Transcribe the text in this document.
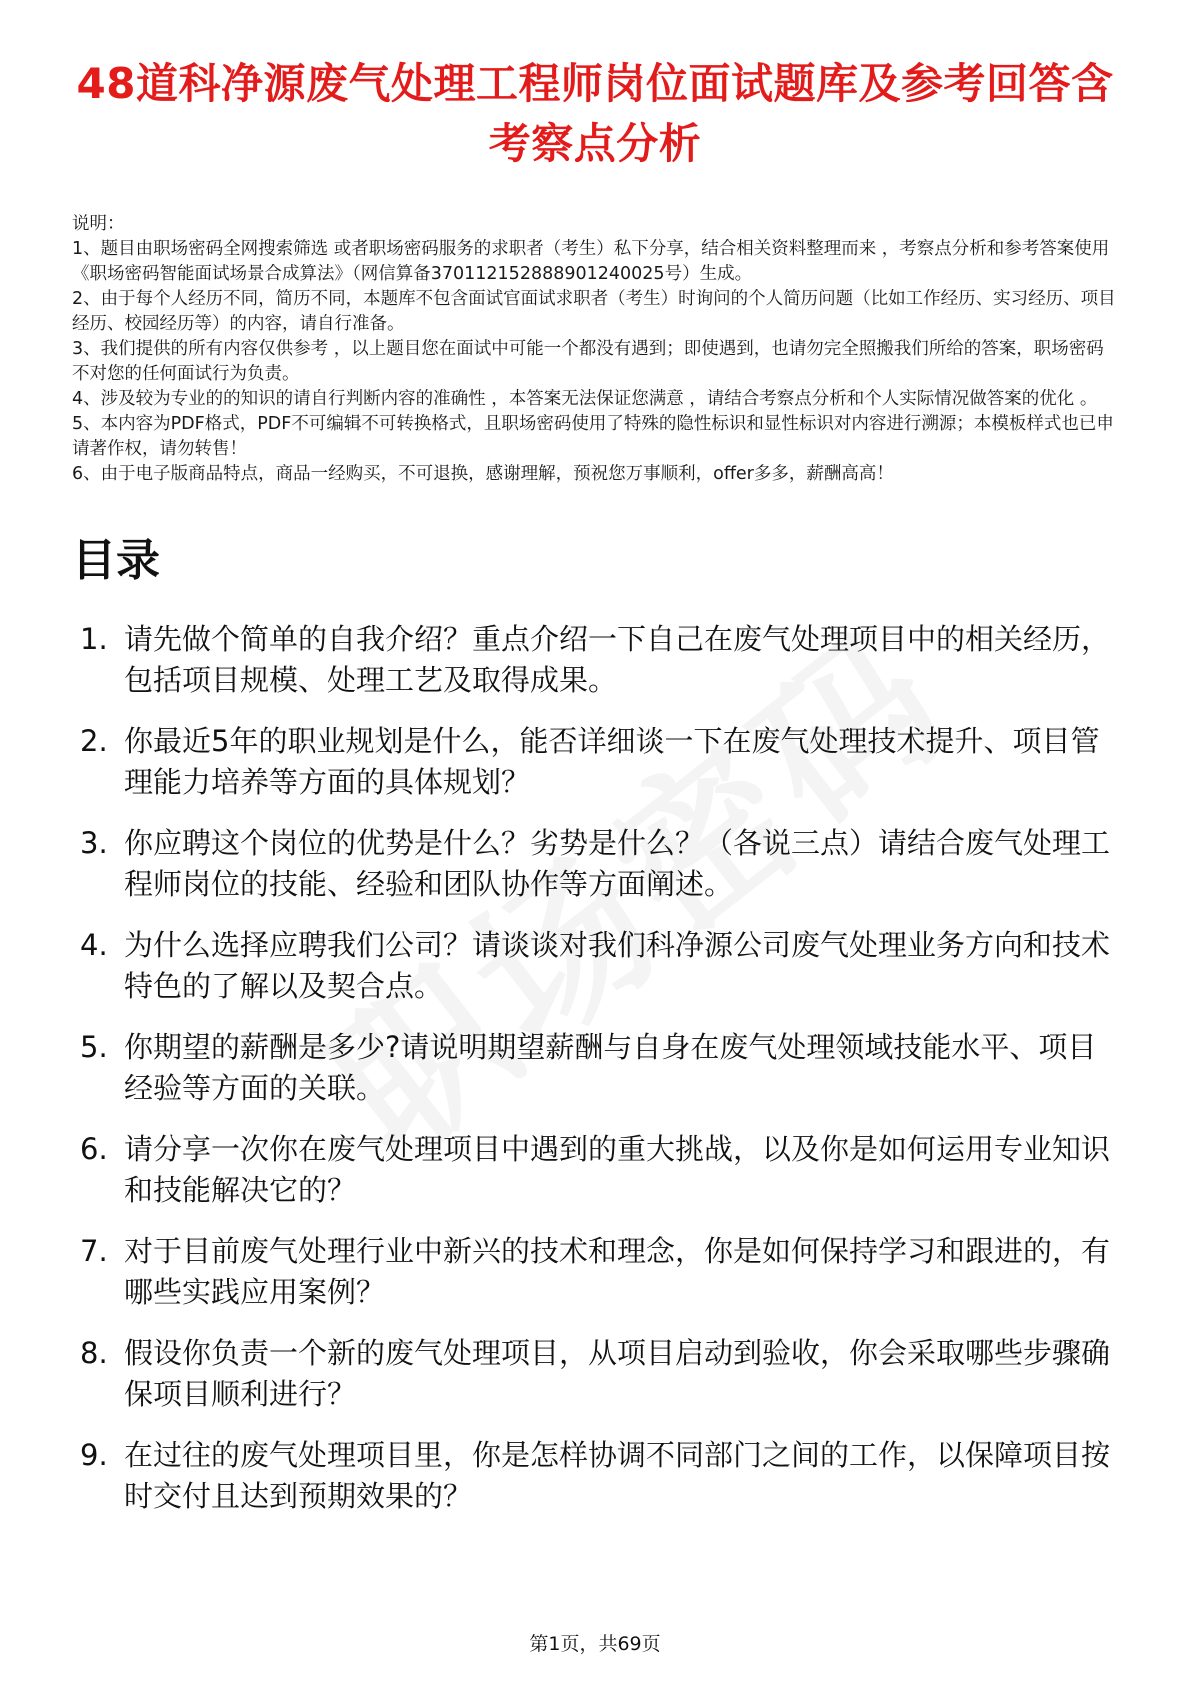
48道科净源废气处理工程师岗位面试题库及参考回答含考察点分析

说明：

1、题目由职场密码全网搜索筛选 或者职场密码服务的求职者（考生）私下分享，结合相关资料整理而来 ，考察点分析和参考答案使用《职场密码智能面试场景合成算法》（网信算备370112152888901240025号）生成。

2、由于每个人经历不同，简历不同，本题库不包含面试官面试求职者（考生）时询问的个人简历问题（比如工作经历、实习经历、项目经历、校园经历等）的内容，请自行准备。

3、我们提供的所有内容仅供参考 ，以上题目您在面试中可能一个都没有遇到；即使遇到，也请勿完全照搬我们所给的答案，职场密码不对您的任何面试行为负责。

4、涉及较为专业的的知识的请自行判断内容的准确性 ，本答案无法保证您满意 ，请结合考察点分析和个人实际情况做答案的优化 。

5、本内容为PDF格式，PDF不可编辑不可转换格式，且职场密码使用了特殊的隐性标识和显性标识对内容进行溯源；本模板样式也已申请著作权，请勿转售！

6、由于电子版商品特点，商品一经购买，不可退换，感谢理解，预祝您万事顺利，offer多多，薪酬高高！

目录
1. 请先做个简单的自我介绍？重点介绍一下自己在废气处理项目中的相关经历，包括项目规模、处理工艺及取得成果。
2. 你最近5年的职业规划是什么，能否详细谈一下在废气处理技术提升、项目管理能力培养等方面的具体规划？
3. 你应聘这个岗位的优势是什么？劣势是什么？（各说三点）请结合废气处理工程师岗位的技能、经验和团队协作等方面阐述。
4. 为什么选择应聘我们公司？请谈谈对我们科净源公司废气处理业务方向和技术特色的了解以及契合点。
5. 你期望的薪酬是多少?请说明期望薪酬与自身在废气处理领域技能水平、项目经验等方面的关联。
6. 请分享一次你在废气处理项目中遇到的重大挑战，以及你是如何运用专业知识和技能解决它的？
7. 对于目前废气处理行业中新兴的技术和理念，你是如何保持学习和跟进的，有哪些实践应用案例？
8. 假设你负责一个新的废气处理项目，从项目启动到验收，你会采取哪些步骤确保项目顺利进行？
9. 在过往的废气处理项目里，你是怎样协调不同部门之间的工作，以保障项目按时交付且达到预期效果的？
第1页，共69页
